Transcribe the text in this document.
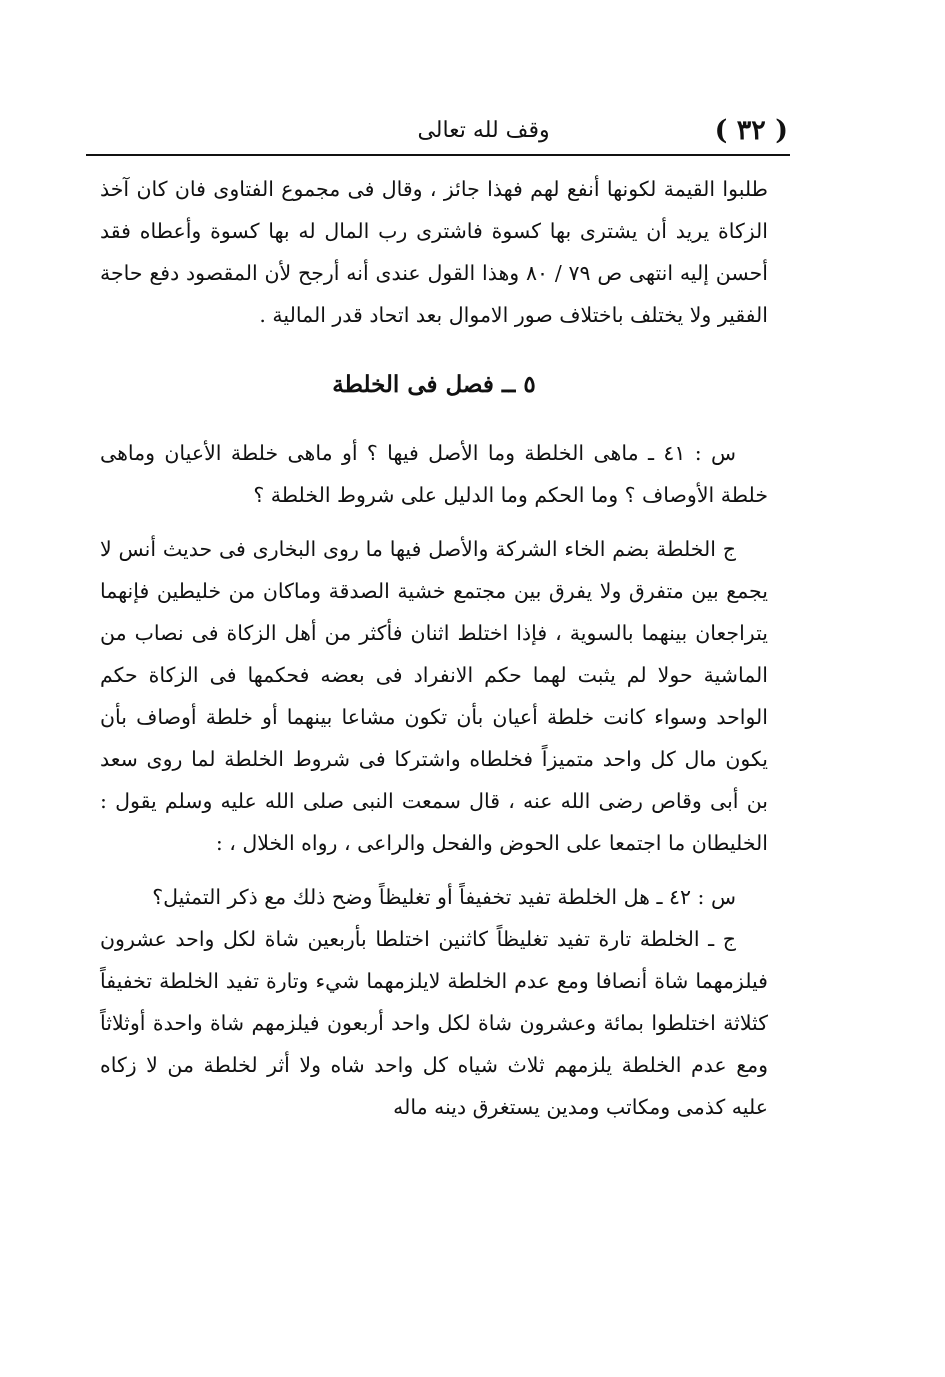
( ٣٢ )
وقف لله تعالى

طلبوا القيمة لكونها أنفع لهم فهذا جائز ، وقال فى مجموع الفتاوى فان كان آخذ الزكاة يريد أن يشترى بها كسوة فاشترى رب المال له بها كسوة وأعطاه فقد أحسن إليه انتهى ص ٧٩ / ٨٠ وهذا القول عندى أنه أرجح لأن المقصود دفع حاجة الفقير ولا يختلف باختلاف صور الاموال بعد اتحاد قدر المالية .

٥ ــ فصل فى الخلطة

س : ٤١ ـ ماهى الخلطة وما الأصل فيها ؟ أو ماهى خلطة الأعيان وماهى خلطة الأوصاف ؟ وما الحكم وما الدليل على شروط الخلطة ؟

ج الخلطة بضم الخاء الشركة والأصل فيها ما روى البخارى فى حديث أنس لا يجمع بين متفرق ولا يفرق بين مجتمع خشية الصدقة وماكان من خليطين فإنهما يتراجعان بينهما بالسوية ، فإذا اختلط اثنان فأكثر من أهل الزكاة فى نصاب من الماشية حولا لم يثبت لهما حكم الانفراد فى بعضه فحكمها فى الزكاة حكم الواحد وسواء كانت خلطة أعيان بأن تكون مشاعا بينهما أو خلطة أوصاف بأن يكون مال كل واحد متميزاً فخلطاه واشتركا فى شروط الخلطة لما روى سعد بن أبى وقاص رضى الله عنه ، قال سمعت النبى صلى الله عليه وسلم يقول : الخليطان ما اجتمعا على الحوض والفحل والراعى ، رواه الخلال ، :

س : ٤٢ ـ هل الخلطة تفيد تخفيفاً أو تغليظاً وضح ذلك مع ذكر التمثيل؟

ج ـ الخلطة تارة تفيد تغليظاً كاثنين اختلطا بأربعين شاة لكل واحد عشرون فيلزمهما شاة أنصافا ومع عدم الخلطة لايلزمهما شيء وتارة تفيد الخلطة تخفيفاً كثلاثة اختلطوا بمائة وعشرون شاة لكل واحد أربعون فيلزمهم شاة واحدة أوثلاثاً ومع عدم الخلطة يلزمهم ثلاث شياه كل واحد شاه ولا أثر لخلطة من لا زكاه عليه كذمى ومكاتب ومدين يستغرق دينه ماله
